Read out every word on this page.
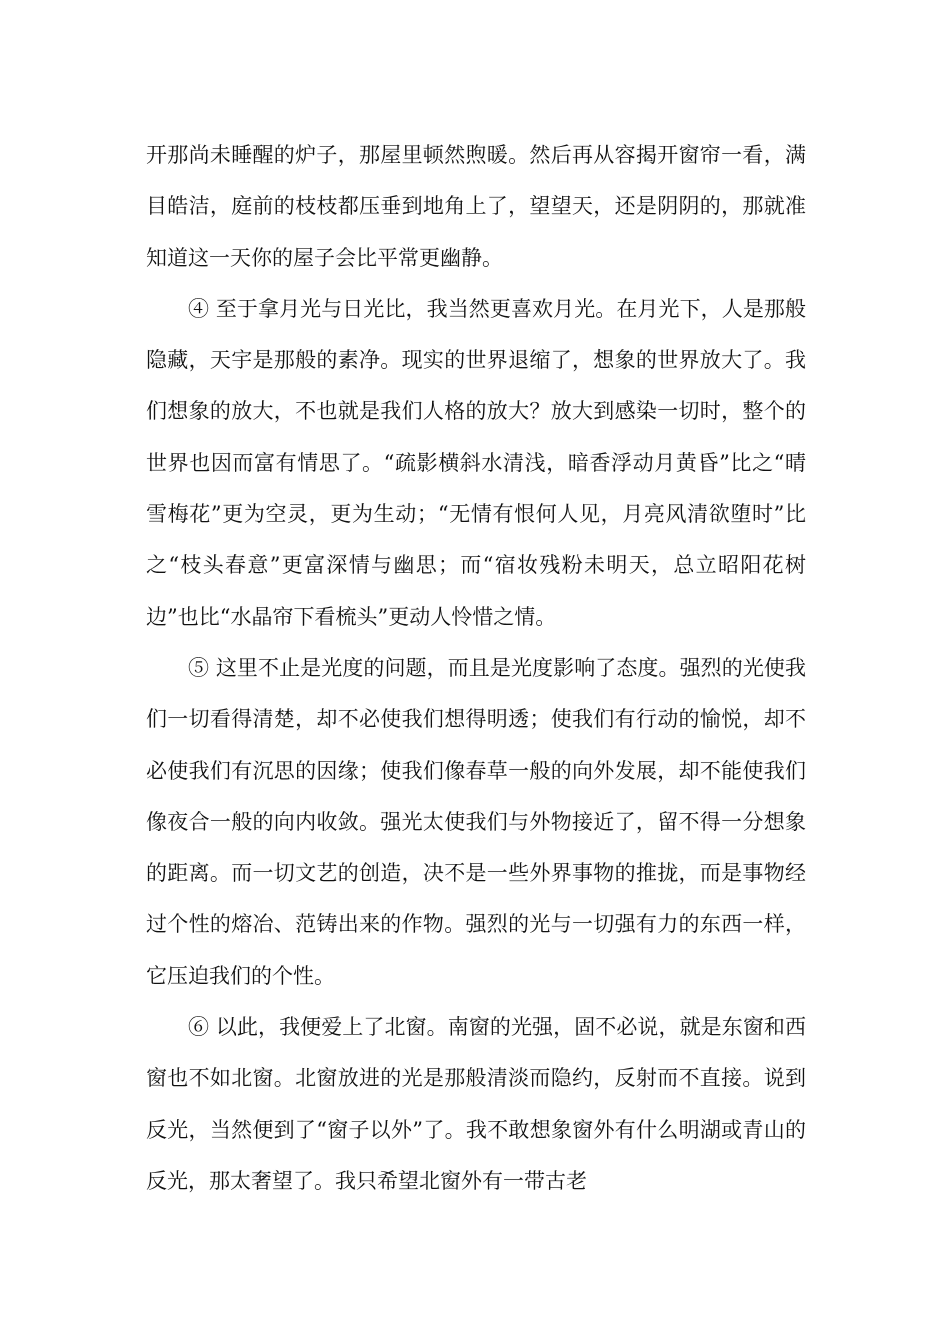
开那尚未睡醒的炉子，那屋里顿然煦暖。然后再从容揭开窗帘一看，满目皓洁，庭前的枝枝都压垂到地角上了，望望天，还是阴阴的，那就准知道这一天你的屋子会比平常更幽静。

④ 至于拿月光与日光比，我当然更喜欢月光。在月光下，人是那般隐藏，天宇是那般的素净。现实的世界退缩了，想象的世界放大了。我们想象的放大，不也就是我们人格的放大？放大到感染一切时，整个的世界也因而富有情思了。“疏影横斜水清浅，暗香浮动月黄昏”比之“晴雪梅花”更为空灵，更为生动；“无情有恨何人见，月亮风清欲堕时”比之“枝头春意”更富深情与幽思；而“宿妆残粉未明天，总立昭阳花树边”也比“水晶帘下看梳头”更动人怜惜之情。

⑤ 这里不止是光度的问题，而且是光度影响了态度。强烈的光使我们一切看得清楚，却不必使我们想得明透；使我们有行动的愉悦，却不必使我们有沉思的因缘；使我们像春草一般的向外发展，却不能使我们像夜合一般的向内收敛。强光太使我们与外物接近了，留不得一分想象的距离。而一切文艺的创造，决不是一些外界事物的推拢，而是事物经过个性的熔冶、范铸出来的作物。强烈的光与一切强有力的东西一样，它压迫我们的个性。

⑥ 以此，我便爱上了北窗。南窗的光强，固不必说，就是东窗和西窗也不如北窗。北窗放进的光是那般清淡而隐约，反射而不直接。说到反光，当然便到了“窗子以外”了。我不敢想象窗外有什么明湖或青山的反光，那太奢望了。我只希望北窗外有一带古老
